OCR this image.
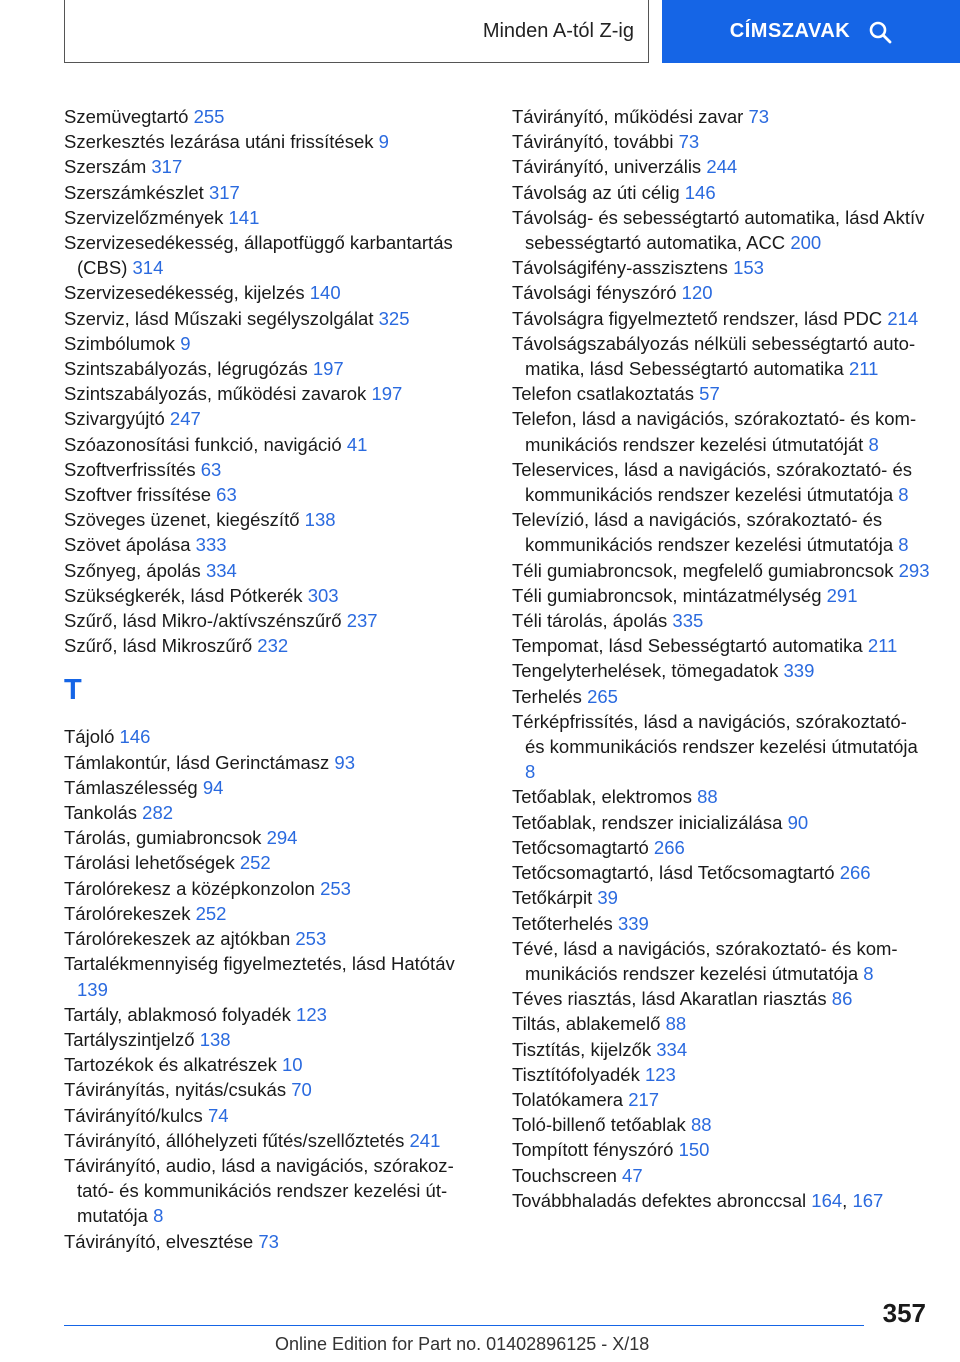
Minden A-tól Z-ig	CÍMSZAVAK
Szemüvegtartó 255
Szerkesztés lezárása utáni frissítések 9
Szerszám 317
Szerszámkészlet 317
Szervizelőzmények 141
Szervizesedékesség, állapotfüggő karbantartás (CBS) 314
Szervizesedékesség, kijelzés 140
Szerviz, lásd Műszaki segélyszolgálat 325
Szimbólumok 9
Szintszabályozás, légrugózás 197
Szintszabályozás, működési zavarok 197
Szivargyújtó 247
Szóazonosítási funkció, navigáció 41
Szoftverfrissítés 63
Szoftver frissítése 63
Szöveges üzenet, kiegészítő 138
Szövet ápolása 333
Szőnyeg, ápolás 334
Szükségkerék, lásd Pótkerék 303
Szűrő, lásd Mikro-/aktívszénszűrő 237
Szűrő, lásd Mikroszűrő 232
T
Tájoló 146
Támlakontúr, lásd Gerinctámasz 93
Támlaszélesség 94
Tankolás 282
Tárolás, gumiabroncsok 294
Tárolási lehetőségek 252
Tárolórekesz a középkonzolon 253
Tárolórekeszek 252
Tárolórekeszek az ajtókban 253
Tartalékmennyiség figyelmeztetés, lásd Hatótáv 139
Tartály, ablakmosó folyadék 123
Tartályszintjelző 138
Tartozékok és alkatrészek 10
Távirányítás, nyitás/csukás 70
Távirányító/kulcs 74
Távirányító, állóhelyzeti fűtés/szellőztetés 241
Távirányító, audio, lásd a navigációs, szórakoztató- és kommunikációs rendszer kezelési útmutatója 8
Távirányító, elvesztése 73
Távirányító, működési zavar 73
Távirányító, további 73
Távirányító, univerzális 244
Távolság az úti célig 146
Távolság- és sebességtartó automatika, lásd Aktív sebességtartó automatika, ACC 200
Távolságifény-asszisztens 153
Távolsági fényszóró 120
Távolságra figyelmeztető rendszer, lásd PDC 214
Távolságszabályozás nélküli sebességtartó automatika, lásd Sebességtartó automatika 211
Telefon csatlakoztatás 57
Telefon, lásd a navigációs, szórakoztató- és kommunikációs rendszer kezelési útmutatóját 8
Teleservices, lásd a navigációs, szórakoztató- és kommunikációs rendszer kezelési útmutatója 8
Televízió, lásd a navigációs, szórakoztató- és kommunikációs rendszer kezelési útmutatója 8
Téli gumiabroncsok, megfelelő gumiabroncsok 293
Téli gumiabroncsok, mintázatmélység 291
Téli tárolás, ápolás 335
Tempomat, lásd Sebességtartó automatika 211
Tengelyterhelések, tömegadatok 339
Terhelés 265
Térképfrissítés, lásd a navigációs, szórakoztató- és kommunikációs rendszer kezelési útmutatója 8
Tetőablak, elektromos 88
Tetőablak, rendszer inicializálása 90
Tetőcsomagtartó 266
Tetőcsomagtartó, lásd Tetőcsomagtartó 266
Tetőkárpit 39
Tetőterhelés 339
Tévé, lásd a navigációs, szórakoztató- és kommunikációs rendszer kezelési útmutatója 8
Téves riasztás, lásd Akaratlan riasztás 86
Tiltás, ablakemelő 88
Tisztítás, kijelzők 334
Tisztítófolyadék 123
Tolatókamera 217
Toló-billenő tetőablak 88
Tompított fényszóró 150
Touchscreen 47
Továbbhaladás defektes abronccsal 164, 167
357
Online Edition for Part no. 01402896125 - X/18
